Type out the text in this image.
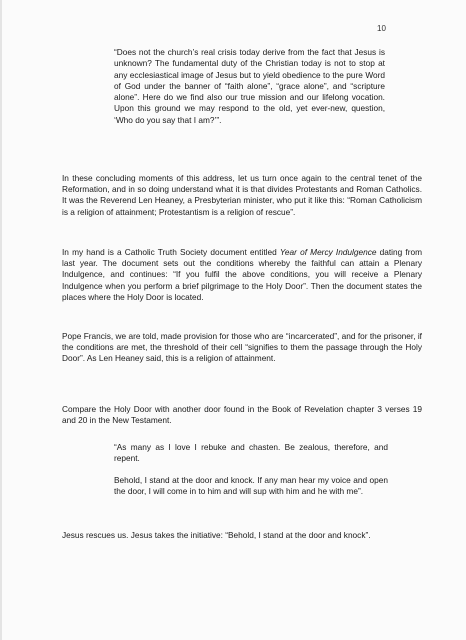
10

“Does not the church’s real crisis today derive from the fact that Jesus is unknown? The fundamental duty of the Christian today is not to stop at any ecclesiastical image of Jesus but to yield obedience to the pure Word of God under the banner of “faith alone”, “grace alone”, and “scripture alone”. Here do we find also our true mission and our lifelong vocation. Upon this ground we may respond to the old, yet ever-new, question, ‘Who do you say that I am?’”.

In these concluding moments of this address, let us turn once again to the central tenet of the Reformation, and in so doing understand what it is that divides Protestants and Roman Catholics. It was the Reverend Len Heaney, a Presbyterian minister, who put it like this: “Roman Catholicism is a religion of attainment; Protestantism is a religion of rescue”.

In my hand is a Catholic Truth Society document entitled Year of Mercy Indulgence dating from last year. The document sets out the conditions whereby the faithful can attain a Plenary Indulgence, and continues: “If you fulfil the above conditions, you will receive a Plenary Indulgence when you perform a brief pilgrimage to the Holy Door”. Then the document states the places where the Holy Door is located.

Pope Francis, we are told, made provision for those who are “incarcerated”, and for the prisoner, if the conditions are met, the threshold of their cell “signifies to them the passage through the Holy Door”. As Len Heaney said, this is a religion of attainment.

Compare the Holy Door with another door found in the Book of Revelation chapter 3 verses 19 and 20 in the New Testament.

“As many as I love I rebuke and chasten. Be zealous, therefore, and repent.

Behold, I stand at the door and knock. If any man hear my voice and open the door, I will come in to him and will sup with him and he with me”.

Jesus rescues us. Jesus takes the initiative: “Behold, I stand at the door and knock”.
